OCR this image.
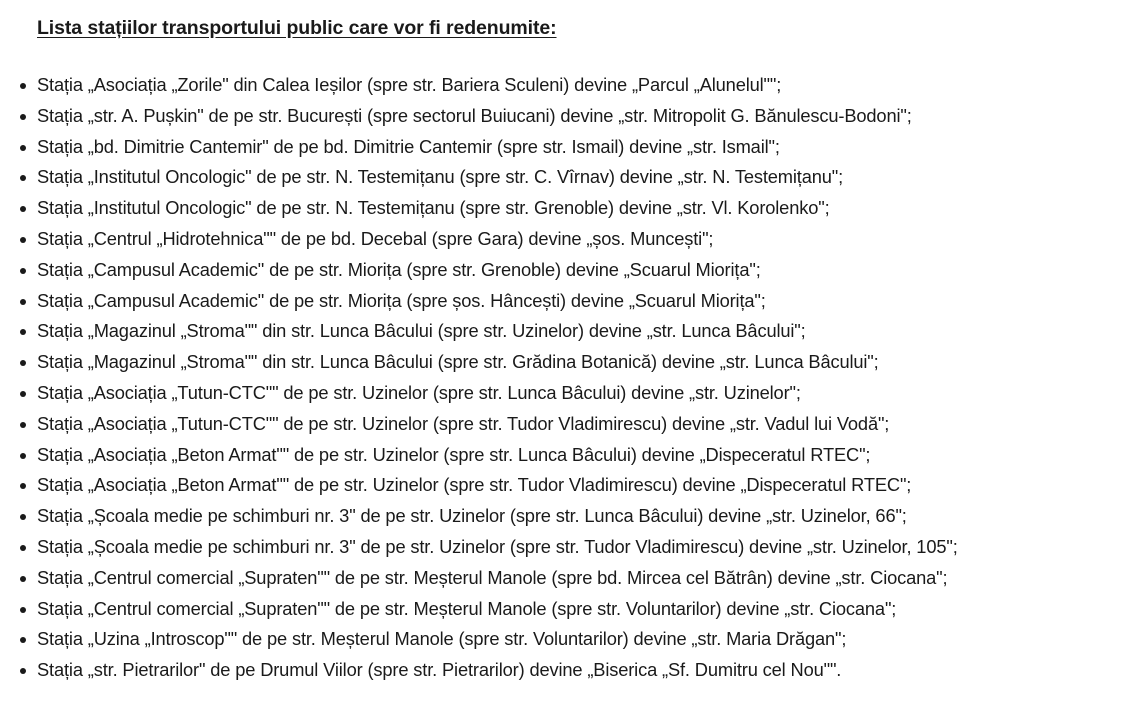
Lista stațiilor transportului public care vor fi redenumite:
Stația „Asociația „Zorile" din Calea Ieșilor (spre str. Bariera Sculeni) devine „Parcul „Alunelul"";
Stația „str. A. Pușkin" de pe str. București (spre sectorul Buiucani) devine „str. Mitropolit G. Bănulescu-Bodoni";
Stația „bd. Dimitrie Cantemir" de pe bd. Dimitrie Cantemir (spre str. Ismail) devine „str. Ismail";
Stația „Institutul Oncologic" de pe str. N. Testemițanu (spre str. C. Vîrnav) devine „str. N. Testemițanu";
Stația „Institutul Oncologic" de pe str. N. Testemițanu (spre str. Grenoble) devine „str. Vl. Korolenko";
Stația „Centrul „Hidrotehnica"" de pe bd. Decebal (spre Gara) devine „șos. Muncești";
Stația „Campusul Academic" de pe str. Miorița (spre str. Grenoble) devine „Scuarul Miorița";
Stația „Campusul Academic" de pe str. Miorița (spre șos. Hâncești) devine „Scuarul Miorița";
Stația „Magazinul „Stroma"" din str. Lunca Bâcului (spre str. Uzinelor) devine „str. Lunca Bâcului";
Stația „Magazinul „Stroma"" din str. Lunca Bâcului (spre str. Grădina Botanică) devine „str. Lunca Bâcului";
Stația „Asociația „Tutun-CTC"" de pe str. Uzinelor (spre str. Lunca Bâcului) devine „str. Uzinelor";
Stația „Asociația „Tutun-CTC"" de pe str. Uzinelor (spre str. Tudor Vladimirescu) devine „str. Vadul lui Vodă";
Stația „Asociația „Beton Armat"" de pe str. Uzinelor (spre str. Lunca Bâcului) devine „Dispeceratul RTEC";
Stația „Asociația „Beton Armat"" de pe str. Uzinelor (spre str. Tudor Vladimirescu) devine „Dispeceratul RTEC";
Stația „Școala medie pe schimburi nr. 3" de pe str. Uzinelor (spre str. Lunca Bâcului) devine „str. Uzinelor, 66";
Stația „Școala medie pe schimburi nr. 3" de pe str. Uzinelor (spre str. Tudor Vladimirescu) devine „str. Uzinelor, 105";
Stația „Centrul comercial „Supraten"" de pe str. Meșterul Manole (spre bd. Mircea cel Bătrân) devine „str. Ciocana";
Stația „Centrul comercial „Supraten"" de pe str. Meșterul Manole (spre str. Voluntarilor) devine „str. Ciocana";
Stația „Uzina „Introscop"" de pe str. Meșterul Manole (spre str. Voluntarilor) devine „str. Maria Drăgan";
Stația „str. Pietrarilor" de pe Drumul Viilor (spre str. Pietrarilor) devine „Biserica „Sf. Dumitru cel Nou"".
